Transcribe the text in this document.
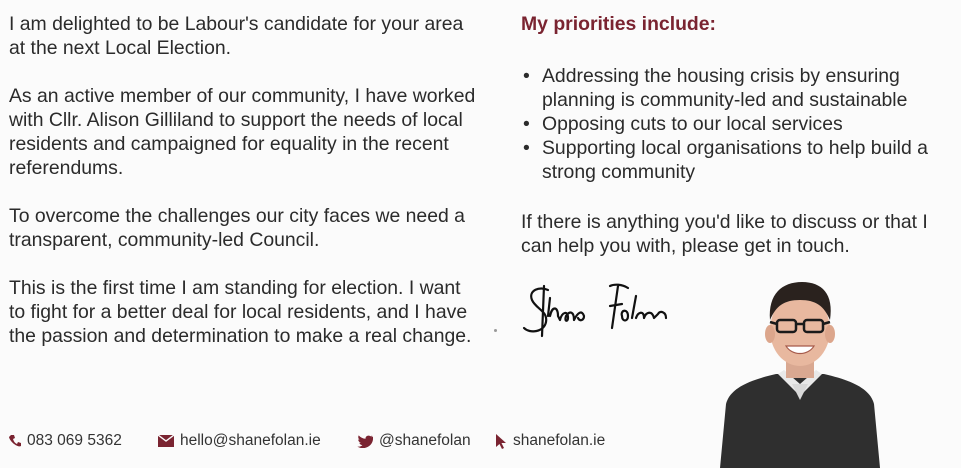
I am delighted to be Labour's candidate for your area at the next Local Election.

As an active member of our community, I have worked with Cllr. Alison Gilliland to support the needs of local residents and campaigned for equality in the recent referendums.

To overcome the challenges our city faces we need a transparent, community-led Council.

This is the first time I am standing for election. I want to fight for a better deal for local residents, and I have the passion and determination to make a real change.

My priorities include:
• Addressing the housing crisis by ensuring planning is community-led and sustainable
• Opposing cuts to our local services
• Supporting local organisations to help build a strong community

If there is anything you'd like to discuss or that I can help you with, please get in touch.

083 069 5362	hello@shanefolan.ie	@shanefolan	shanefolan.ie
